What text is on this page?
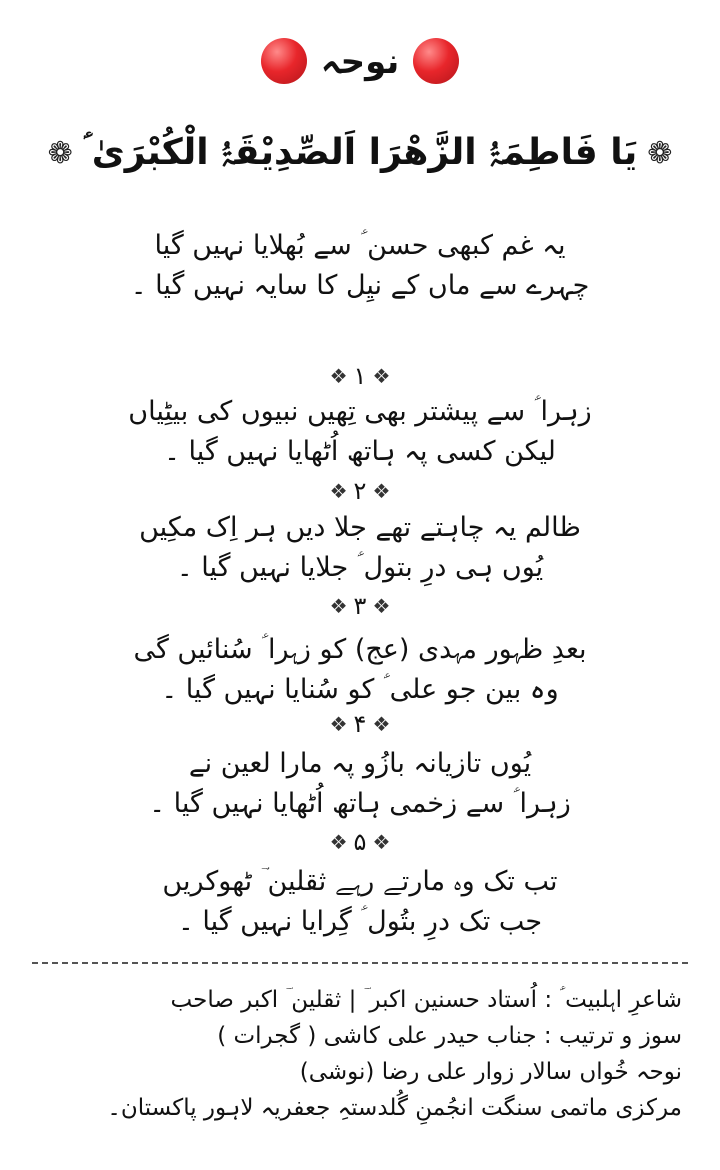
نوحہ
❁ یَا فَاطِمَۃُ الزَّھْرَا اَلصِّدِیْقَۃُ الْکُبْرَیٰ ؑ ❁
یہ غم کبھی حسن ؑ سے بُھلایا نہیں گیا
چہرے سے ماں کے نیِل کا سایہ نہیں گیا ۔
❖ ۱ ❖
زہرا ؑ سے پیشتر بھی تِھیں نبیوں کی بیٹِیاں
لیکن کسی پہ ہاتھ اُٹھایا نہیں گیا ۔
❖ ۲ ❖
ظالم یہ چاہتے تھے جلا دیں ہر اِک مکِیں
یُوں ہی درِ بتول ؑ جلایا نہیں گیا ۔
❖ ۳ ❖
بعدِ ظہور مہدی (عج) کو زہرا ؑ سُنائیں گی
وہ بین جو علی ؑ کو سُنایا نہیں گیا ۔
❖ ۴ ❖
یُوں تازیانہ بازُو پہ مارا لعین نے
زہرا ؑ سے زخمی ہاتھ اُٹھایا نہیں گیا ۔
❖ ۵ ❖
تب تک وہ مارتے رہے ثقلین ؔ ٹھوکریں
جب تک درِ بتُول ؑ گِرایا نہیں گیا ۔
شاعرِ اہلبیت ؑ : اُستاد حسنین اکبر ؔ | ثقلین ؔ اکبر صاحب
سوز و ترتیب : جناب حیدر علی کاشی ( گجرات )
نوحہ خُواں سالار زوار علی رضا (نوشی)
مرکزی ماتمی سنگت انجُمنِ گُلدستہِ جعفریہ لاہور پاکستان۔
